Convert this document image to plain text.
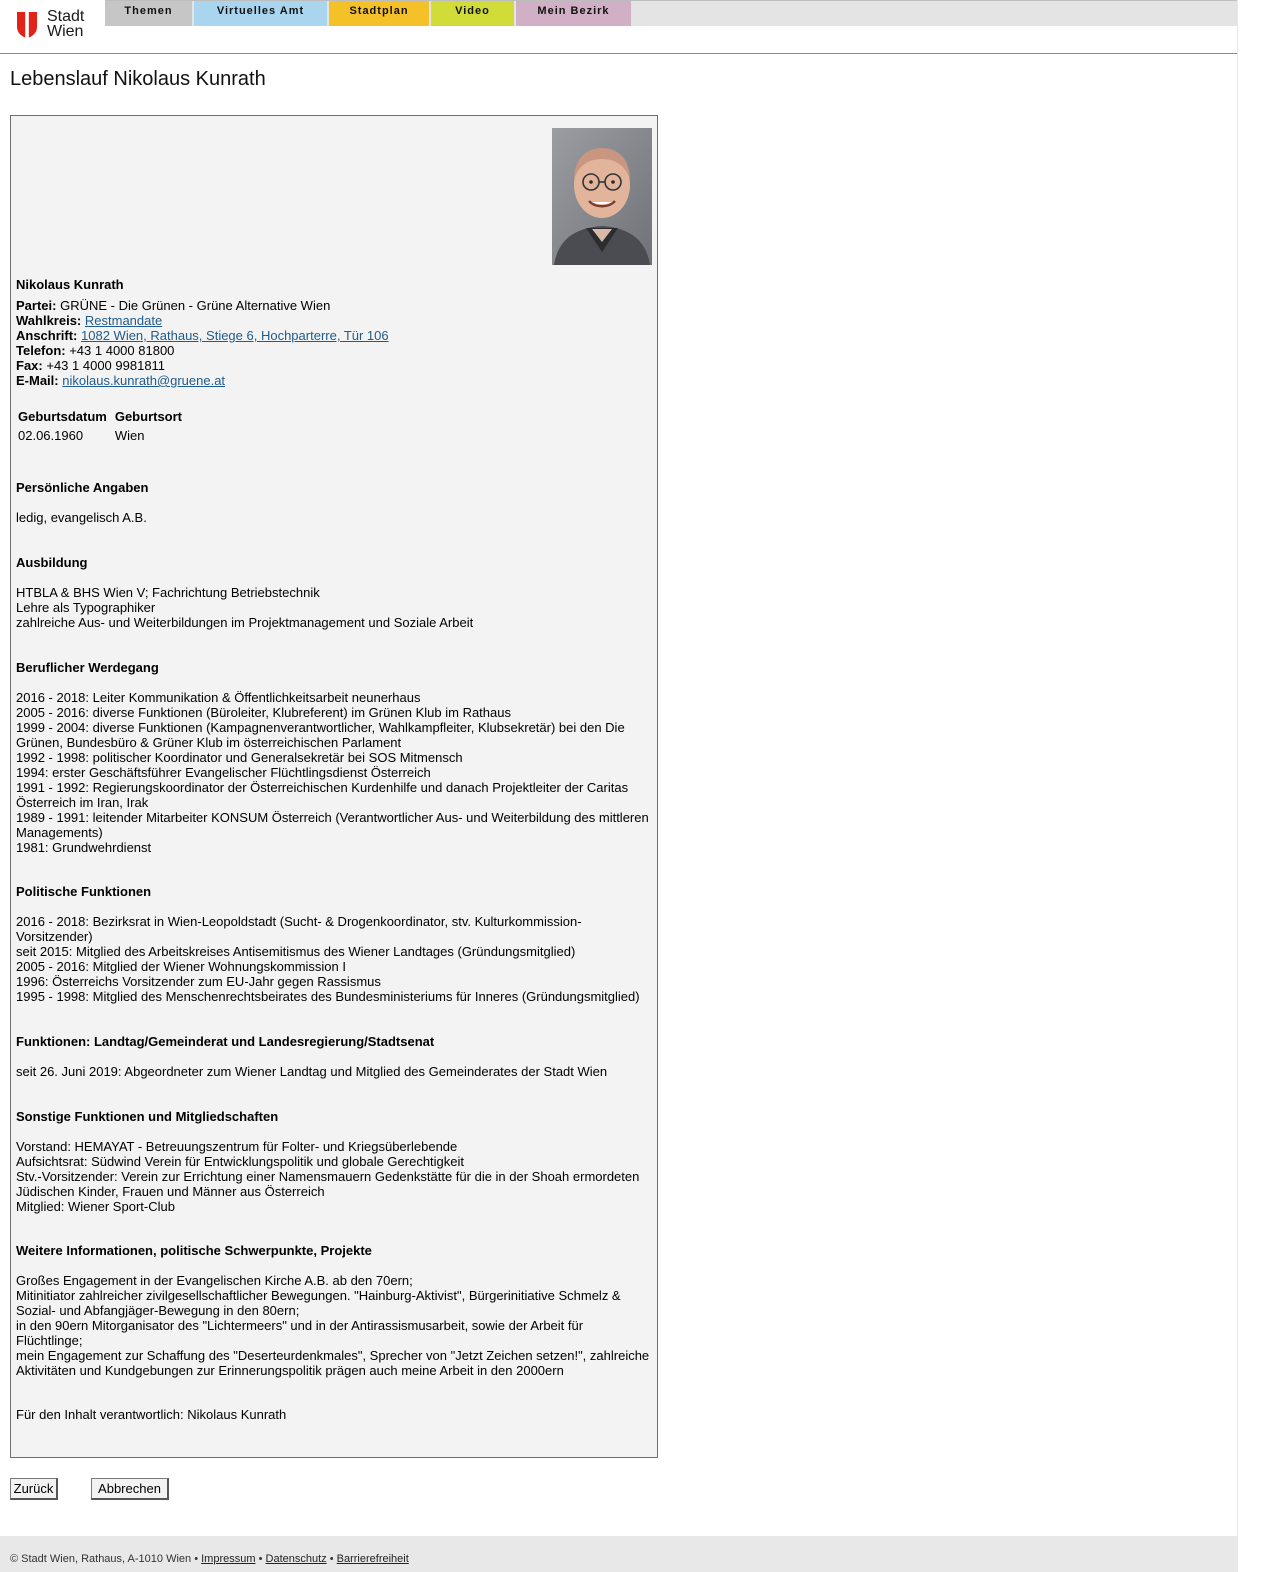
Stadt
Wien
Themen	Virtuelles Amt	Stadtplan	Video	Mein Bezirk
Lebenslauf Nikolaus Kunrath
Nikolaus Kunrath
Partei: GRÜNE - Die Grünen - Grüne Alternative Wien
Wahlkreis: Restmandate
Anschrift: 1082 Wien, Rathaus, Stiege 6, Hochparterre, Tür 106
Telefon: +43 1 4000 81800
Fax: +43 1 4000 9981811
E-Mail: nikolaus.kunrath@gruene.at
Geburtsdatum	Geburtsort
02.06.1960	Wien
Persönliche Angaben
ledig, evangelisch A.B.
Ausbildung
HTBLA & BHS Wien V; Fachrichtung Betriebstechnik
Lehre als Typographiker
zahlreiche Aus- und Weiterbildungen im Projektmanagement und Soziale Arbeit
Beruflicher Werdegang
2016 - 2018: Leiter Kommunikation & Öffentlichkeitsarbeit neunerhaus
2005 - 2016: diverse Funktionen (Büroleiter, Klubreferent) im Grünen Klub im Rathaus
1999 - 2004: diverse Funktionen (Kampagnenverantwortlicher, Wahlkampfleiter, Klubsekretär) bei den Die
Grünen, Bundesbüro & Grüner Klub im österreichischen Parlament
1992 - 1998: politischer Koordinator und Generalsekretär bei SOS Mitmensch
1994: erster Geschäftsführer Evangelischer Flüchtlingsdienst Österreich
1991 - 1992: Regierungskoordinator der Österreichischen Kurdenhilfe und danach Projektleiter der Caritas
Österreich im Iran, Irak
1989 - 1991: leitender Mitarbeiter KONSUM Österreich (Verantwortlicher Aus- und Weiterbildung des mittleren
Managements)
1981: Grundwehrdienst
Politische Funktionen
2016 - 2018: Bezirksrat in Wien-Leopoldstadt (Sucht- & Drogenkoordinator, stv. Kulturkommission-
Vorsitzender)
seit 2015: Mitglied des Arbeitskreises Antisemitismus des Wiener Landtages (Gründungsmitglied)
2005 - 2016: Mitglied der Wiener Wohnungskommission I
1996: Österreichs Vorsitzender zum EU-Jahr gegen Rassismus
1995 - 1998: Mitglied des Menschenrechtsbeirates des Bundesministeriums für Inneres (Gründungsmitglied)
Funktionen: Landtag/Gemeinderat und Landesregierung/Stadtsenat
seit 26. Juni 2019: Abgeordneter zum Wiener Landtag und Mitglied des Gemeinderates der Stadt Wien
Sonstige Funktionen und Mitgliedschaften
Vorstand: HEMAYAT - Betreuungszentrum für Folter- und Kriegsüberlebende
Aufsichtsrat: Südwind Verein für Entwicklungspolitik und globale Gerechtigkeit
Stv.-Vorsitzender: Verein zur Errichtung einer Namensmauern Gedenkstätte für die in der Shoah ermordeten
Jüdischen Kinder, Frauen und Männer aus Österreich
Mitglied: Wiener Sport-Club
Weitere Informationen, politische Schwerpunkte, Projekte
Großes Engagement in der Evangelischen Kirche A.B. ab den 70ern;
Mitinitiator zahlreicher zivilgesellschaftlicher Bewegungen. "Hainburg-Aktivist", Bürgerinitiative Schmelz &
Sozial- und Abfangjäger-Bewegung in den 80ern;
in den 90ern Mitorganisator des "Lichtermeers" und in der Antirassismusarbeit, sowie der Arbeit für
Flüchtlinge;
mein Engagement zur Schaffung des "Deserteurdenkmales", Sprecher von "Jetzt Zeichen setzen!", zahlreiche
Aktivitäten und Kundgebungen zur Erinnerungspolitik prägen auch meine Arbeit in den 2000ern
Für den Inhalt verantwortlich: Nikolaus Kunrath
Zurück	Abbrechen
© Stadt Wien, Rathaus, A-1010 Wien • Impressum • Datenschutz • Barrierefreiheit
